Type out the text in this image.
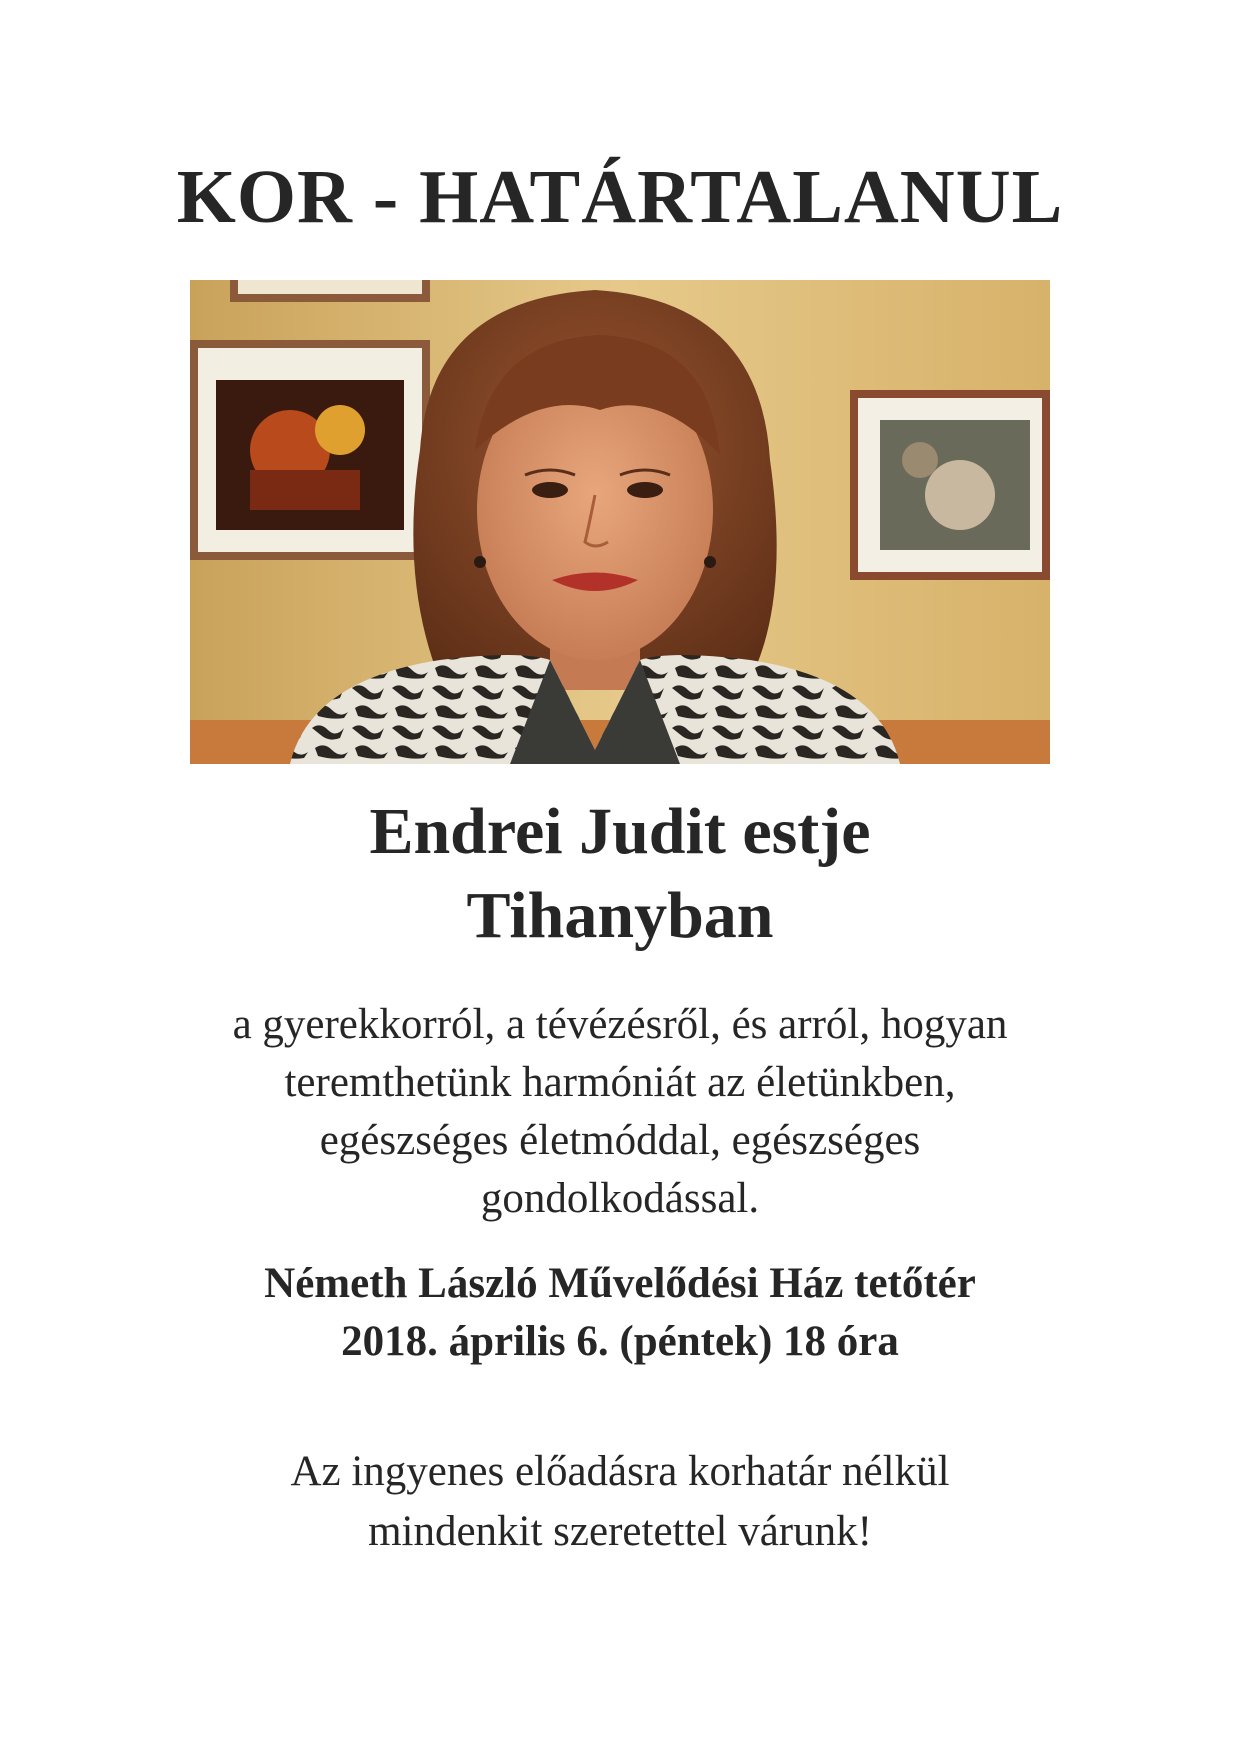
KOR - HATÁRTALANUL
Endrei Judit estje
Tihanyban
a gyerekkorról, a tévézésről, és arról, hogyan
teremthetünk harmóniát az életünkben,
egészséges életmóddal, egészséges
gondolkodással.
Németh László Művelődési Ház tetőtér
2018. április 6. (péntek) 18 óra
Az ingyenes előadásra korhatár nélkül
mindenkit szeretettel várunk!
